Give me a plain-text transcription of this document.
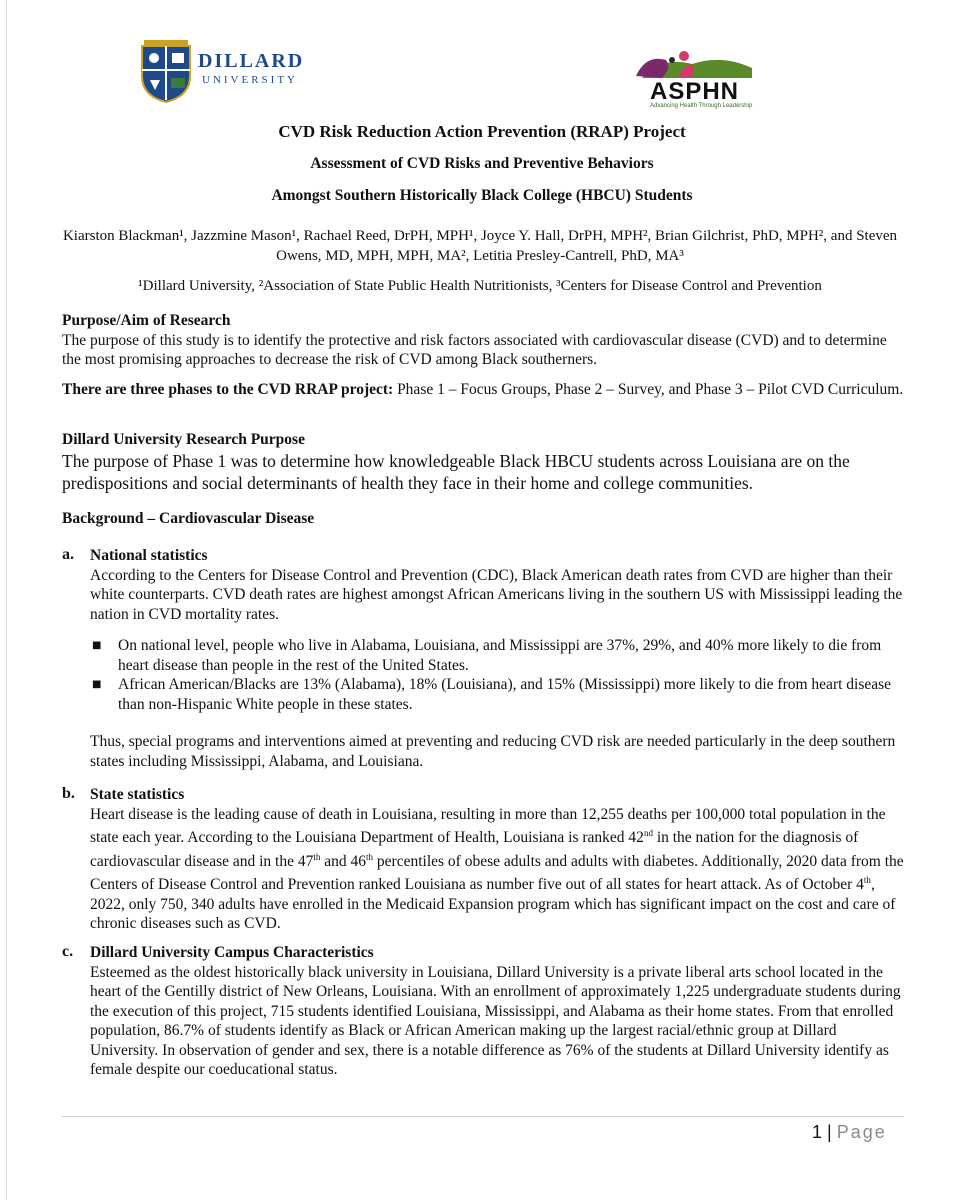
DILLARD
UNIVERSITY	ASPHN
Advancing Health Through Leadership
CVD Risk Reduction Action Prevention (RRAP) Project
Assessment of CVD Risks and Preventive Behaviors
Amongst Southern Historically Black College (HBCU) Students
Kiarston Blackman¹, Jazzmine Mason¹, Rachael Reed, DrPH, MPH¹, Joyce Y. Hall, DrPH, MPH², Brian Gilchrist, PhD, MPH², and Steven Owens, MD, MPH, MPH, MA², Letitia Presley-Cantrell, PhD, MA³
¹Dillard University, ²Association of State Public Health Nutritionists, ³Centers for Disease Control and Prevention
Purpose/Aim of Research
The purpose of this study is to identify the protective and risk factors associated with cardiovascular disease (CVD) and to determine the most promising approaches to decrease the risk of CVD among Black southerners.
There are three phases to the CVD RRAP project: Phase 1 – Focus Groups, Phase 2 – Survey, and Phase 3 – Pilot CVD Curriculum.
Dillard University Research Purpose
The purpose of Phase 1 was to determine how knowledgeable Black HBCU students across Louisiana are on the predispositions and social determinants of health they face in their home and college communities.
Background – Cardiovascular Disease
a. National statistics
According to the Centers for Disease Control and Prevention (CDC), Black American death rates from CVD are higher than their white counterparts. CVD death rates are highest amongst African Americans living in the southern US with Mississippi leading the nation in CVD mortality rates.
■ On national level, people who live in Alabama, Louisiana, and Mississippi are 37%, 29%, and 40% more likely to die from heart disease than people in the rest of the United States.
■ African American/Blacks are 13% (Alabama), 18% (Louisiana), and 15% (Mississippi) more likely to die from heart disease than non-Hispanic White people in these states.
Thus, special programs and interventions aimed at preventing and reducing CVD risk are needed particularly in the deep southern states including Mississippi, Alabama, and Louisiana.
b. State statistics
Heart disease is the leading cause of death in Louisiana, resulting in more than 12,255 deaths per 100,000 total population in the state each year. According to the Louisiana Department of Health, Louisiana is ranked 42nd in the nation for the diagnosis of cardiovascular disease and in the 47th and 46th percentiles of obese adults and adults with diabetes. Additionally, 2020 data from the Centers of Disease Control and Prevention ranked Louisiana as number five out of all states for heart attack. As of October 4th, 2022, only 750, 340 adults have enrolled in the Medicaid Expansion program which has significant impact on the cost and care of chronic diseases such as CVD.
c. Dillard University Campus Characteristics
Esteemed as the oldest historically black university in Louisiana, Dillard University is a private liberal arts school located in the heart of the Gentilly district of New Orleans, Louisiana. With an enrollment of approximately 1,225 undergraduate students during the execution of this project, 715 students identified Louisiana, Mississippi, and Alabama as their home states. From that enrolled population, 86.7% of students identify as Black or African American making up the largest racial/ethnic group at Dillard University. In observation of gender and sex, there is a notable difference as 76% of the students at Dillard University identify as female despite our coeducational status.
1 | Page
